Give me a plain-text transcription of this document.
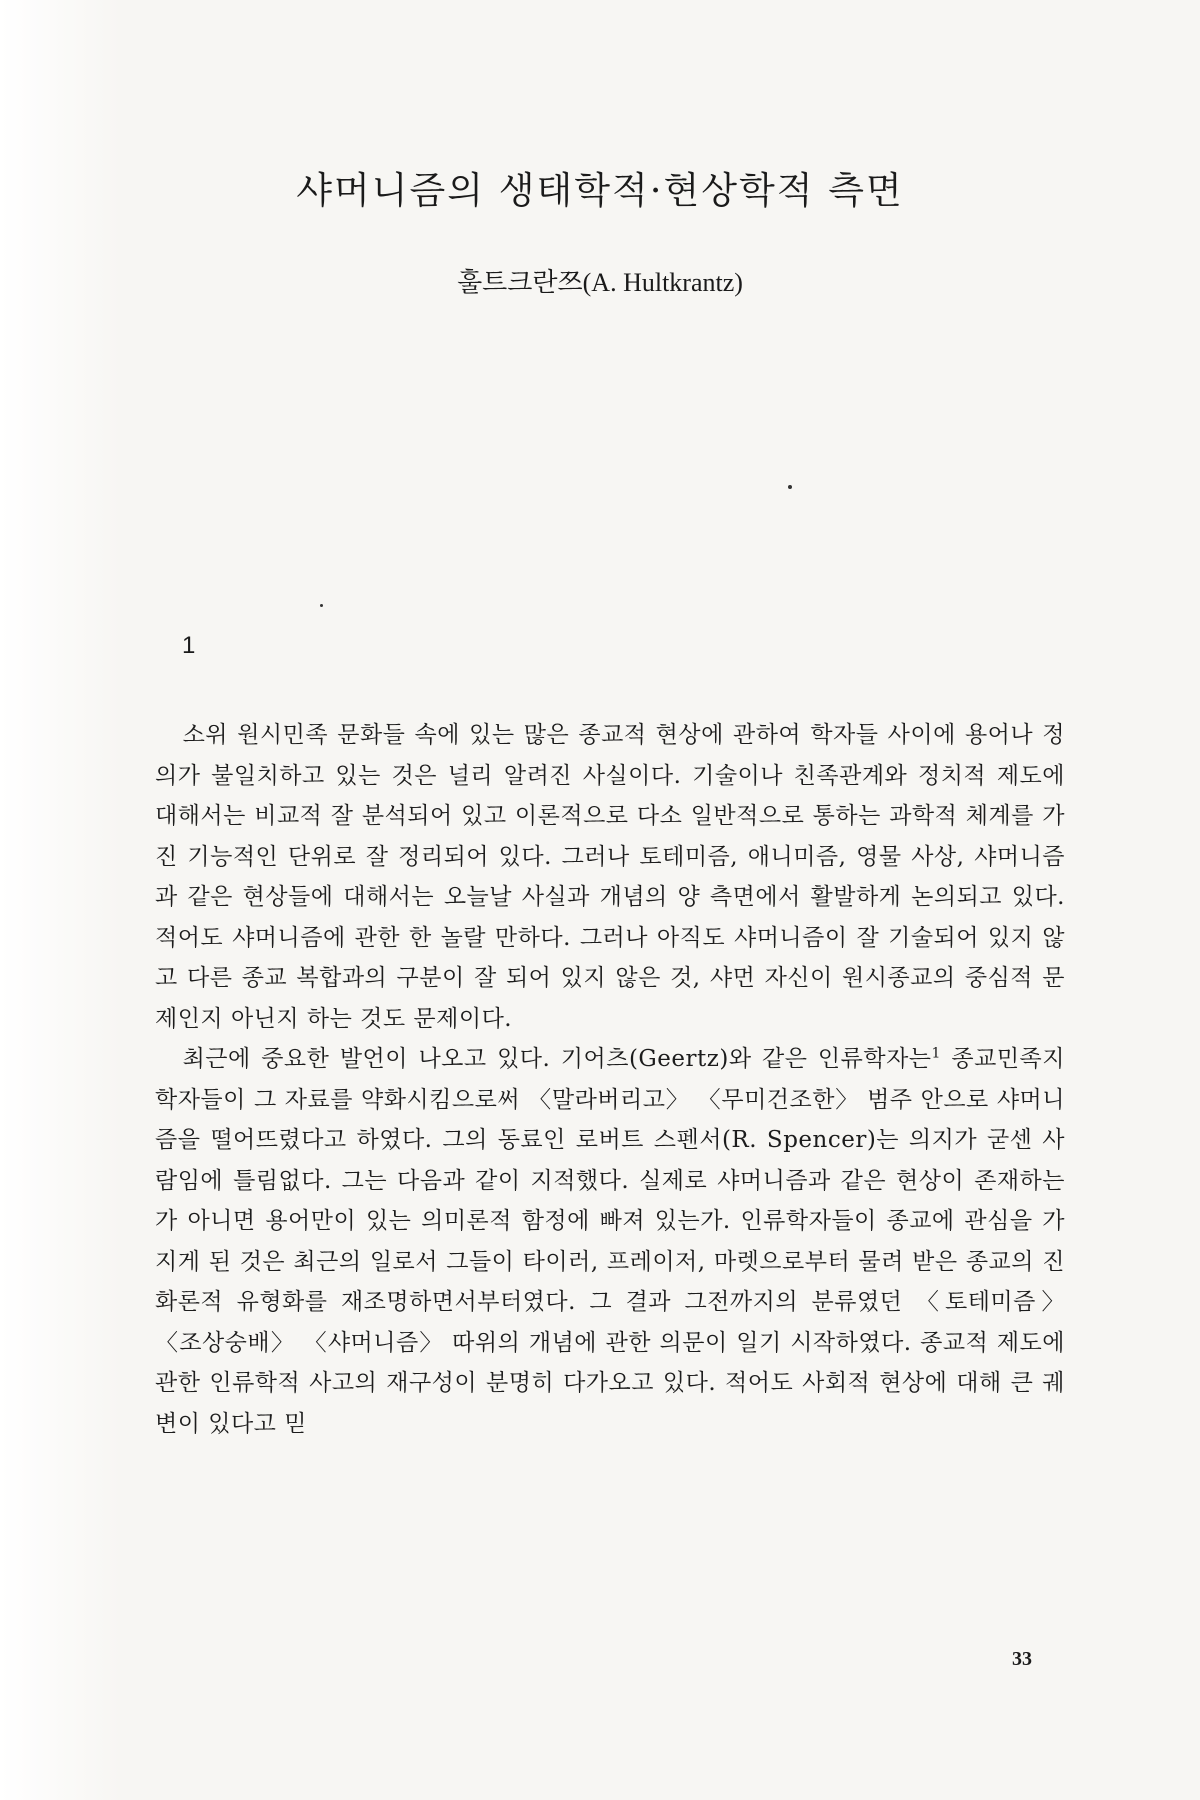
샤머니즘의 생태학적·현상학적 측면

훌트크란쯔(A. Hultkrantz)

1

소위 원시민족 문화들 속에 있는 많은 종교적 현상에 관하여 학자들 사이에 용어나 정의가 불일치하고 있는 것은 널리 알려진 사실이다. 기술이나 친족관계와 정치적 제도에 대해서는 비교적 잘 분석되어 있고 이론적으로 다소 일반적으로 통하는 과학적 체계를 가진 기능적인 단위로 잘 정리되어 있다. 그러나 토테미즘, 애니미즘, 영물 사상, 샤머니즘과 같은 현상들에 대해서는 오늘날 사실과 개념의 양 측면에서 활발하게 논의되고 있다. 적어도 샤머니즘에 관한 한 놀랄 만하다. 그러나 아직도 샤머니즘이 잘 기술되어 있지 않고 다른 종교 복합과의 구분이 잘 되어 있지 않은 것, 샤먼 자신이 원시종교의 중심적 문제인지 아닌지 하는 것도 문제이다.

최근에 중요한 발언이 나오고 있다. 기어츠(Geertz)와 같은 인류학자는$^1$ 종교민족지학자들이 그 자료를 약화시킴으로써 〈말라버리고〉 〈무미건조한〉 범주 안으로 샤머니즘을 떨어뜨렸다고 하였다. 그의 동료인 로버트 스펜서(R. Spencer)는 의지가 굳센 사람임에 틀림없다. 그는 다음과 같이 지적했다. 실제로 샤머니즘과 같은 현상이 존재하는가 아니면 용어만이 있는 의미론적 함정에 빠져 있는가. 인류학자들이 종교에 관심을 가지게 된 것은 최근의 일로서 그들이 타이러, 프레이저, 마렛으로부터 물려 받은 종교의 진화론적 유형화를 재조명하면서부터였다. 그 결과 그전까지의 분류였던 〈토테미즘〉 〈조상숭배〉 〈샤머니즘〉 따위의 개념에 관한 의문이 일기 시작하였다. 종교적 제도에 관한 인류학적 사고의 재구성이 분명히 다가오고 있다. 적어도 사회적 현상에 대해 큰 궤변이 있다고 믿

33
